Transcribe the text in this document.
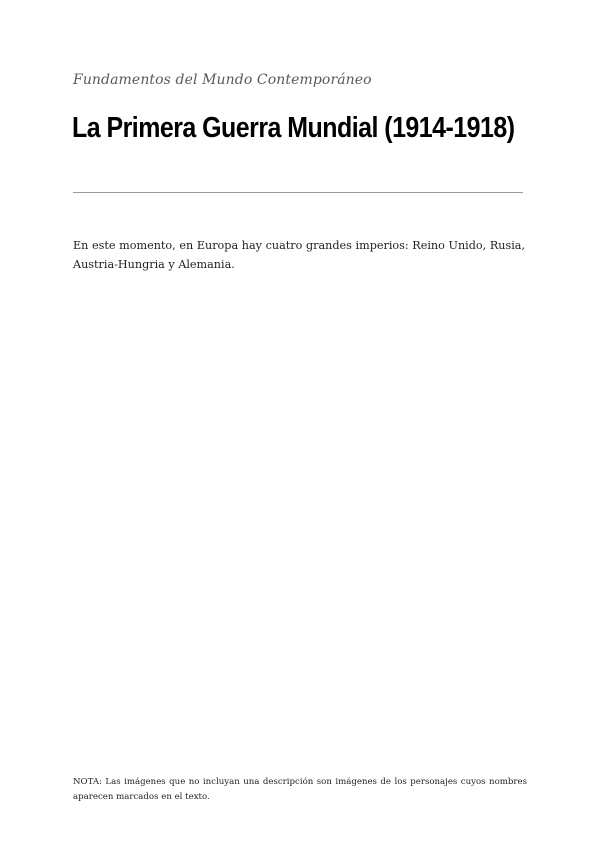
Fundamentos del Mundo Contemporáneo
La Primera Guerra Mundial (1914-1918)

En este momento, en Europa hay cuatro grandes imperios: Reino Unido, Rusia, Austria-Hungria y Alemania.

NOTA: Las imágenes que no incluyan una descripción son imágenes de los personajes cuyos nombres aparecen marcados en el texto.
